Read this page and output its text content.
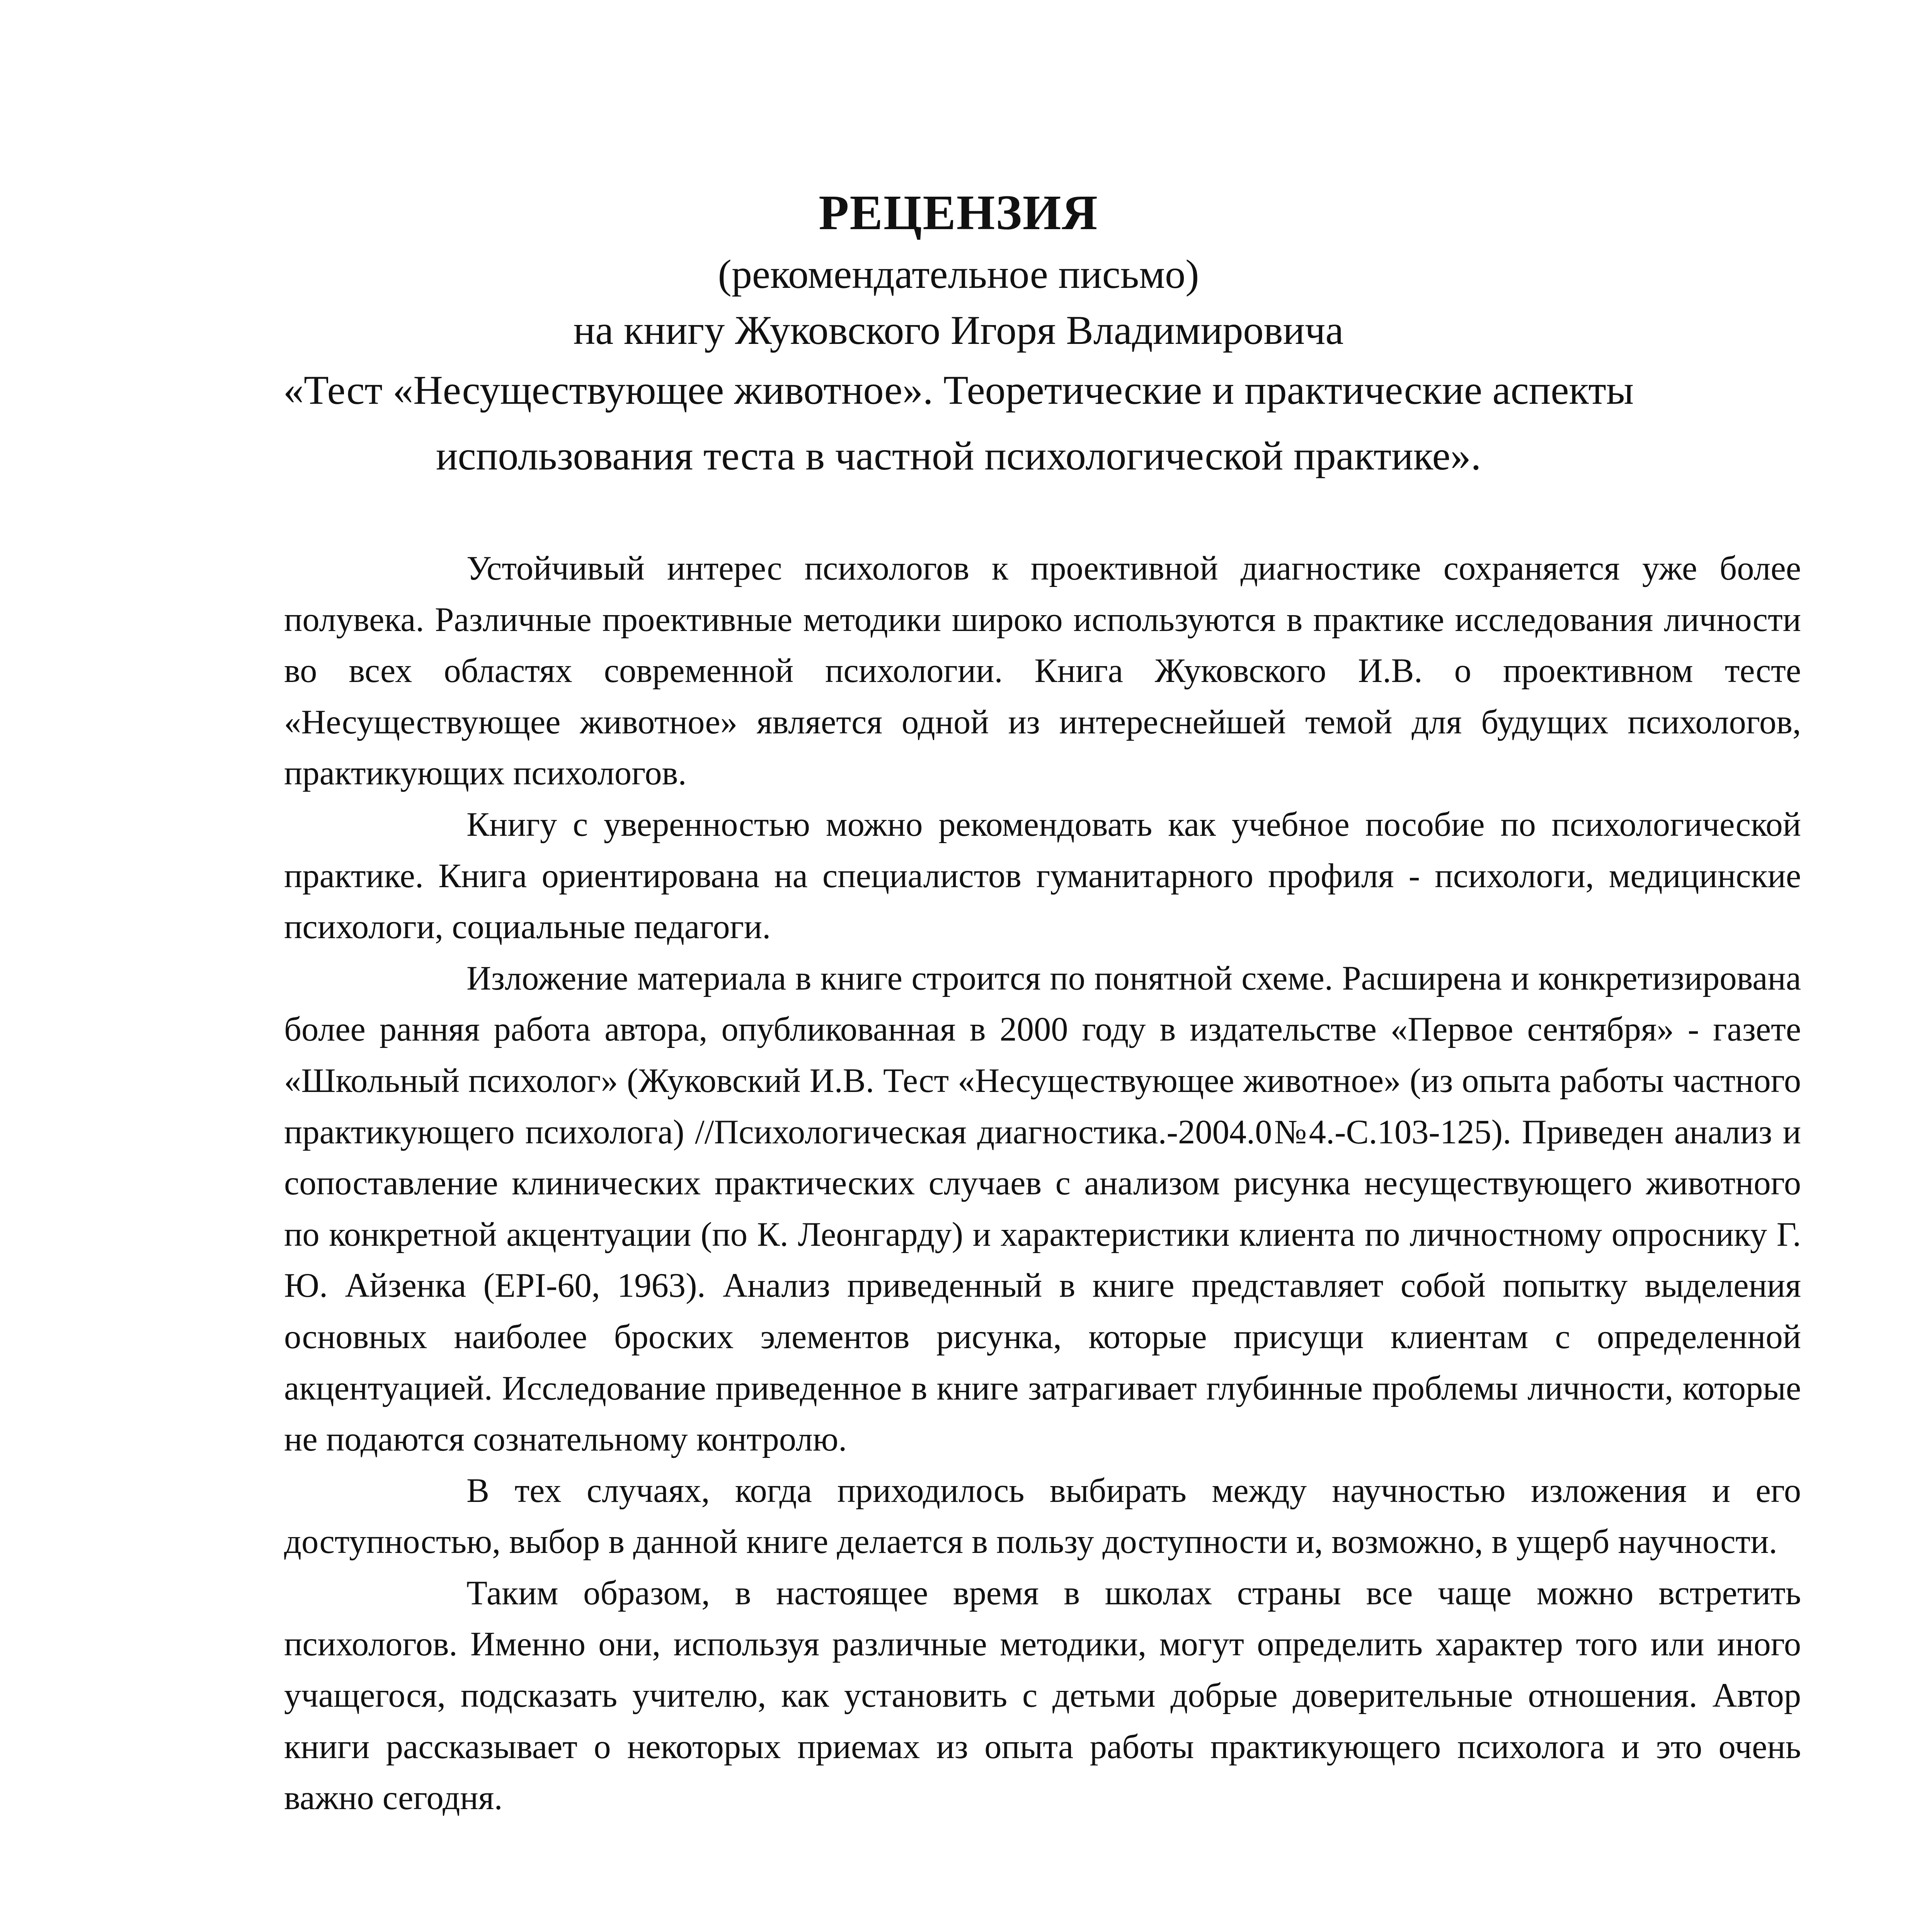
РЕЦЕНЗИЯ
(рекомендательное письмо)
на книгу Жуковского Игоря Владимировича
«Тест «Несуществующее животное». Теоретические и практические аспекты
использования теста в частной психологической практике».

Устойчивый интерес психологов к проективной диагностике сохраняется уже более полувека. Различные проективные методики широко используются в практике исследования личности во всех областях современной психологии. Книга Жуковского И.В. о проективном тесте «Несуществующее животное» является одной из интереснейшей темой для будущих психологов, практикующих психологов.

Книгу с уверенностью можно рекомендовать как учебное пособие по психологической практике. Книга ориентирована на специалистов гуманитарного профиля - психологи, медицинские психологи, социальные педагоги.

Изложение материала в книге строится по понятной схеме. Расширена и конкретизирована более ранняя работа автора, опубликованная в 2000 году в издательстве «Первое сентября» - газете «Школьный психолог» (Жуковский И.В. Тест «Несуществующее животное» (из опыта работы частного практикующего психолога) //Психологическая диагностика.-2004.0№4.-С.103-125). Приведен анализ и сопоставление клинических практических случаев с анализом рисунка несуществующего животного по конкретной акцентуации (по К. Леонгарду) и характеристики клиента по личностному опроснику Г. Ю. Айзенка (EPI-60, 1963). Анализ приведенный в книге представляет собой попытку выделения основных наиболее броских элементов рисунка, которые присущи клиентам с определенной акцентуацией. Исследование приведенное в книге затрагивает глубинные проблемы личности, которые не подаются сознательному контролю.

В тех случаях, когда приходилось выбирать между научностью изложения и его доступностью, выбор в данной книге делается в пользу доступности и, возможно, в ущерб научности.

Таким образом, в настоящее время в школах страны все чаще можно встретить психологов. Именно они, используя различные методики, могут определить характер того или иного учащегося, подсказать учителю, как установить с детьми добрые доверительные отношения. Автор книги рассказывает о некоторых приемах из опыта работы практикующего психолога и это очень важно сегодня.
